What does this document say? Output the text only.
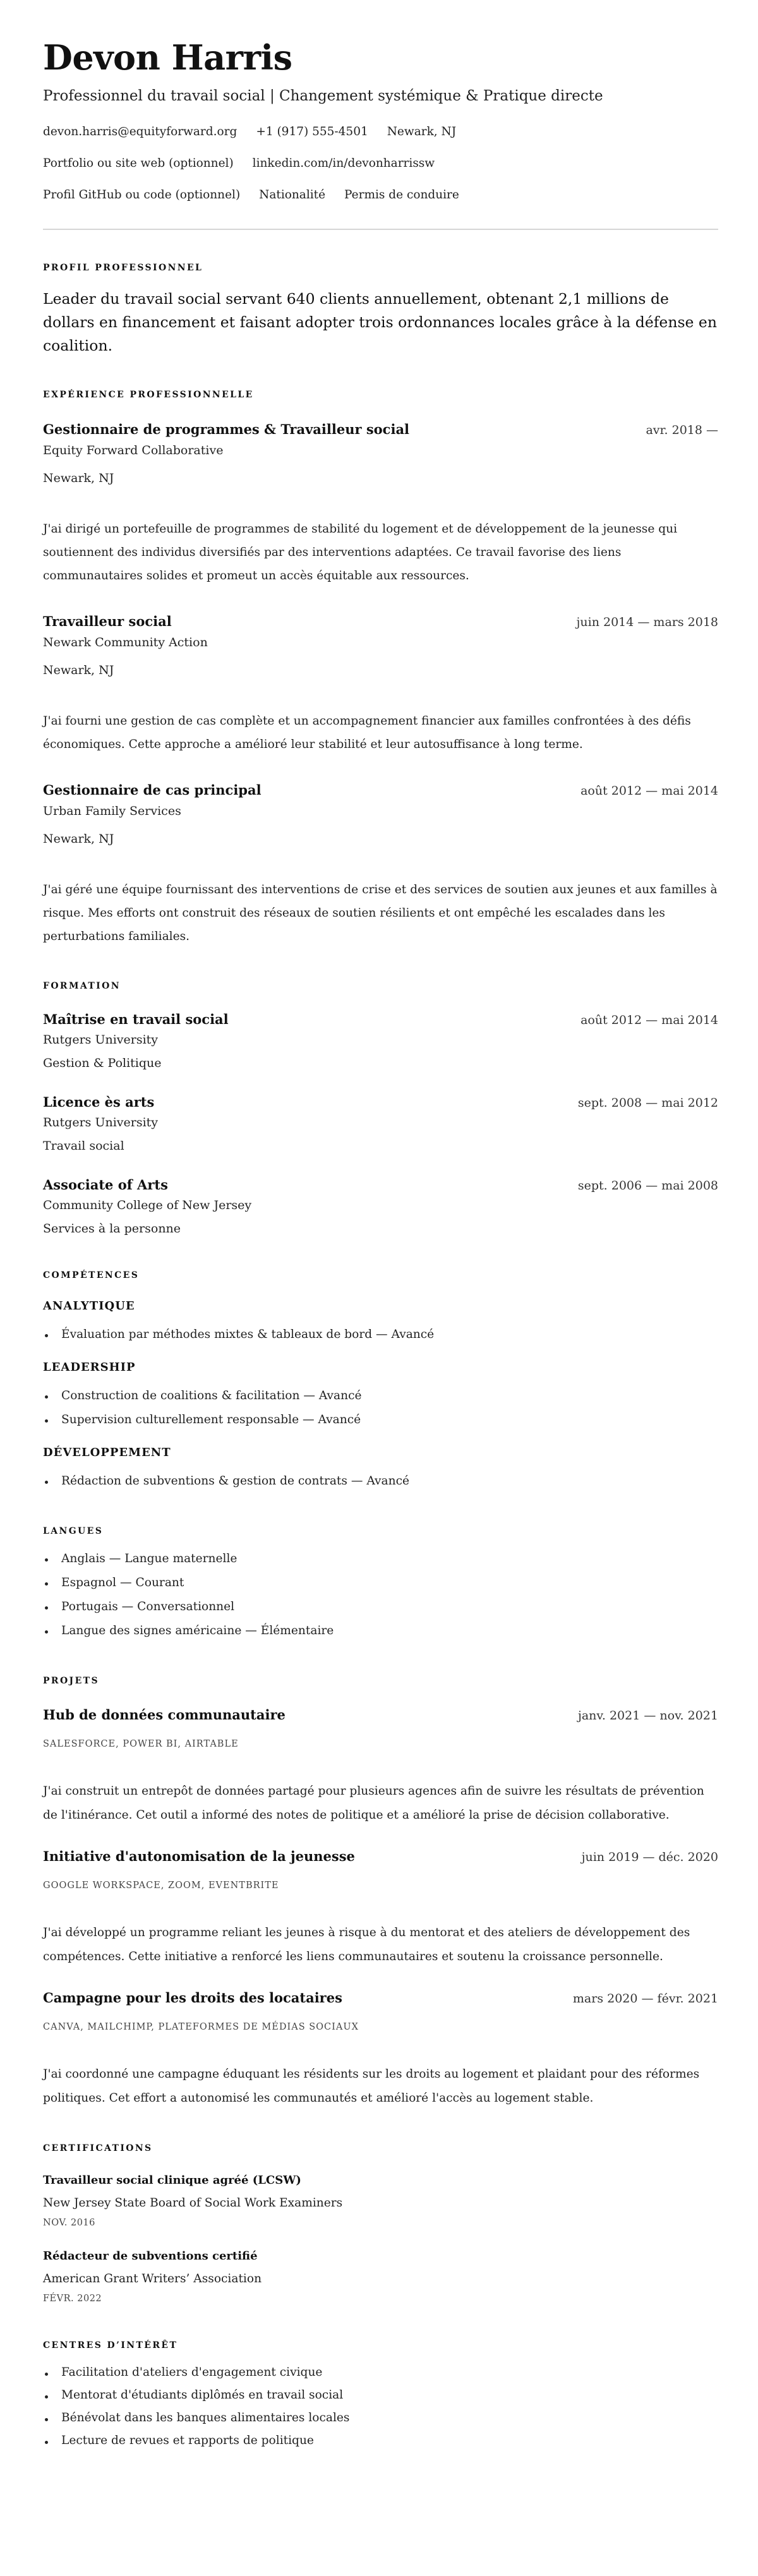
Devon Harris
Professionnel du travail social | Changement systémique & Pratique directe
devon.harris@equityforward.org +1 (917) 555-4501 Newark, NJ
Portfolio ou site web (optionnel) linkedin.com/in/devonharrissw
Profil GitHub ou code (optionnel) Nationalité Permis de conduire
PROFIL PROFESSIONNEL

Leader du travail social servant 640 clients annuellement, obtenant 2,1 millions de dollars en financement et faisant adopter trois ordonnances locales grâce à la défense en coalition.

EXPÉRIENCE PROFESSIONNELLE
Gestionnaire de programmes & Travailleur social	avr. 2018 —
Equity Forward Collaborative
Newark, NJ

J'ai dirigé un portefeuille de programmes de stabilité du logement et de développement de la jeunesse qui soutiennent des individus diversifiés par des interventions adaptées. Ce travail favorise des liens communautaires solides et promeut un accès équitable aux ressources.

Travailleur social	juin 2014 — mars 2018
Newark Community Action
Newark, NJ

J'ai fourni une gestion de cas complète et un accompagnement financier aux familles confrontées à des défis économiques. Cette approche a amélioré leur stabilité et leur autosuffisance à long terme.

Gestionnaire de cas principal	août 2012 — mai 2014
Urban Family Services
Newark, NJ

J'ai géré une équipe fournissant des interventions de crise et des services de soutien aux jeunes et aux familles à risque. Mes efforts ont construit des réseaux de soutien résilients et ont empêché les escalades dans les perturbations familiales.

FORMATION
Maîtrise en travail social	août 2012 — mai 2014
Rutgers University
Gestion & Politique
Licence ès arts	sept. 2008 — mai 2012
Rutgers University
Travail social
Associate of Arts	sept. 2006 — mai 2008
Community College of New Jersey
Services à la personne
COMPÉTENCES
ANALYTIQUE
Évaluation par méthodes mixtes & tableaux de bord — Avancé
LEADERSHIP
Construction de coalitions & facilitation — Avancé
Supervision culturellement responsable — Avancé
DÉVELOPPEMENT
Rédaction de subventions & gestion de contrats — Avancé
LANGUES
Anglais — Langue maternelle
Espagnol — Courant
Portugais — Conversationnel
Langue des signes américaine — Élémentaire
PROJETS
Hub de données communautaire	janv. 2021 — nov. 2021
SALESFORCE, POWER BI, AIRTABLE

J'ai construit un entrepôt de données partagé pour plusieurs agences afin de suivre les résultats de prévention de l'itinérance. Cet outil a informé des notes de politique et a amélioré la prise de décision collaborative.

Initiative d'autonomisation de la jeunesse	juin 2019 — déc. 2020
GOOGLE WORKSPACE, ZOOM, EVENTBRITE

J'ai développé un programme reliant les jeunes à risque à du mentorat et des ateliers de développement des compétences. Cette initiative a renforcé les liens communautaires et soutenu la croissance personnelle.

Campagne pour les droits des locataires	mars 2020 — févr. 2021
CANVA, MAILCHIMP, PLATEFORMES DE MÉDIAS SOCIAUX

J'ai coordonné une campagne éduquant les résidents sur les droits au logement et plaidant pour des réformes politiques. Cet effort a autonomisé les communautés et amélioré l'accès au logement stable.

CERTIFICATIONS
Travailleur social clinique agréé (LCSW)
New Jersey State Board of Social Work Examiners
NOV. 2016
Rédacteur de subventions certifié
American Grant Writers’ Association
FÉVR. 2022
CENTRES D’INTÉRÊT
Facilitation d'ateliers d'engagement civique
Mentorat d'étudiants diplômés en travail social
Bénévolat dans les banques alimentaires locales
Lecture de revues et rapports de politique
